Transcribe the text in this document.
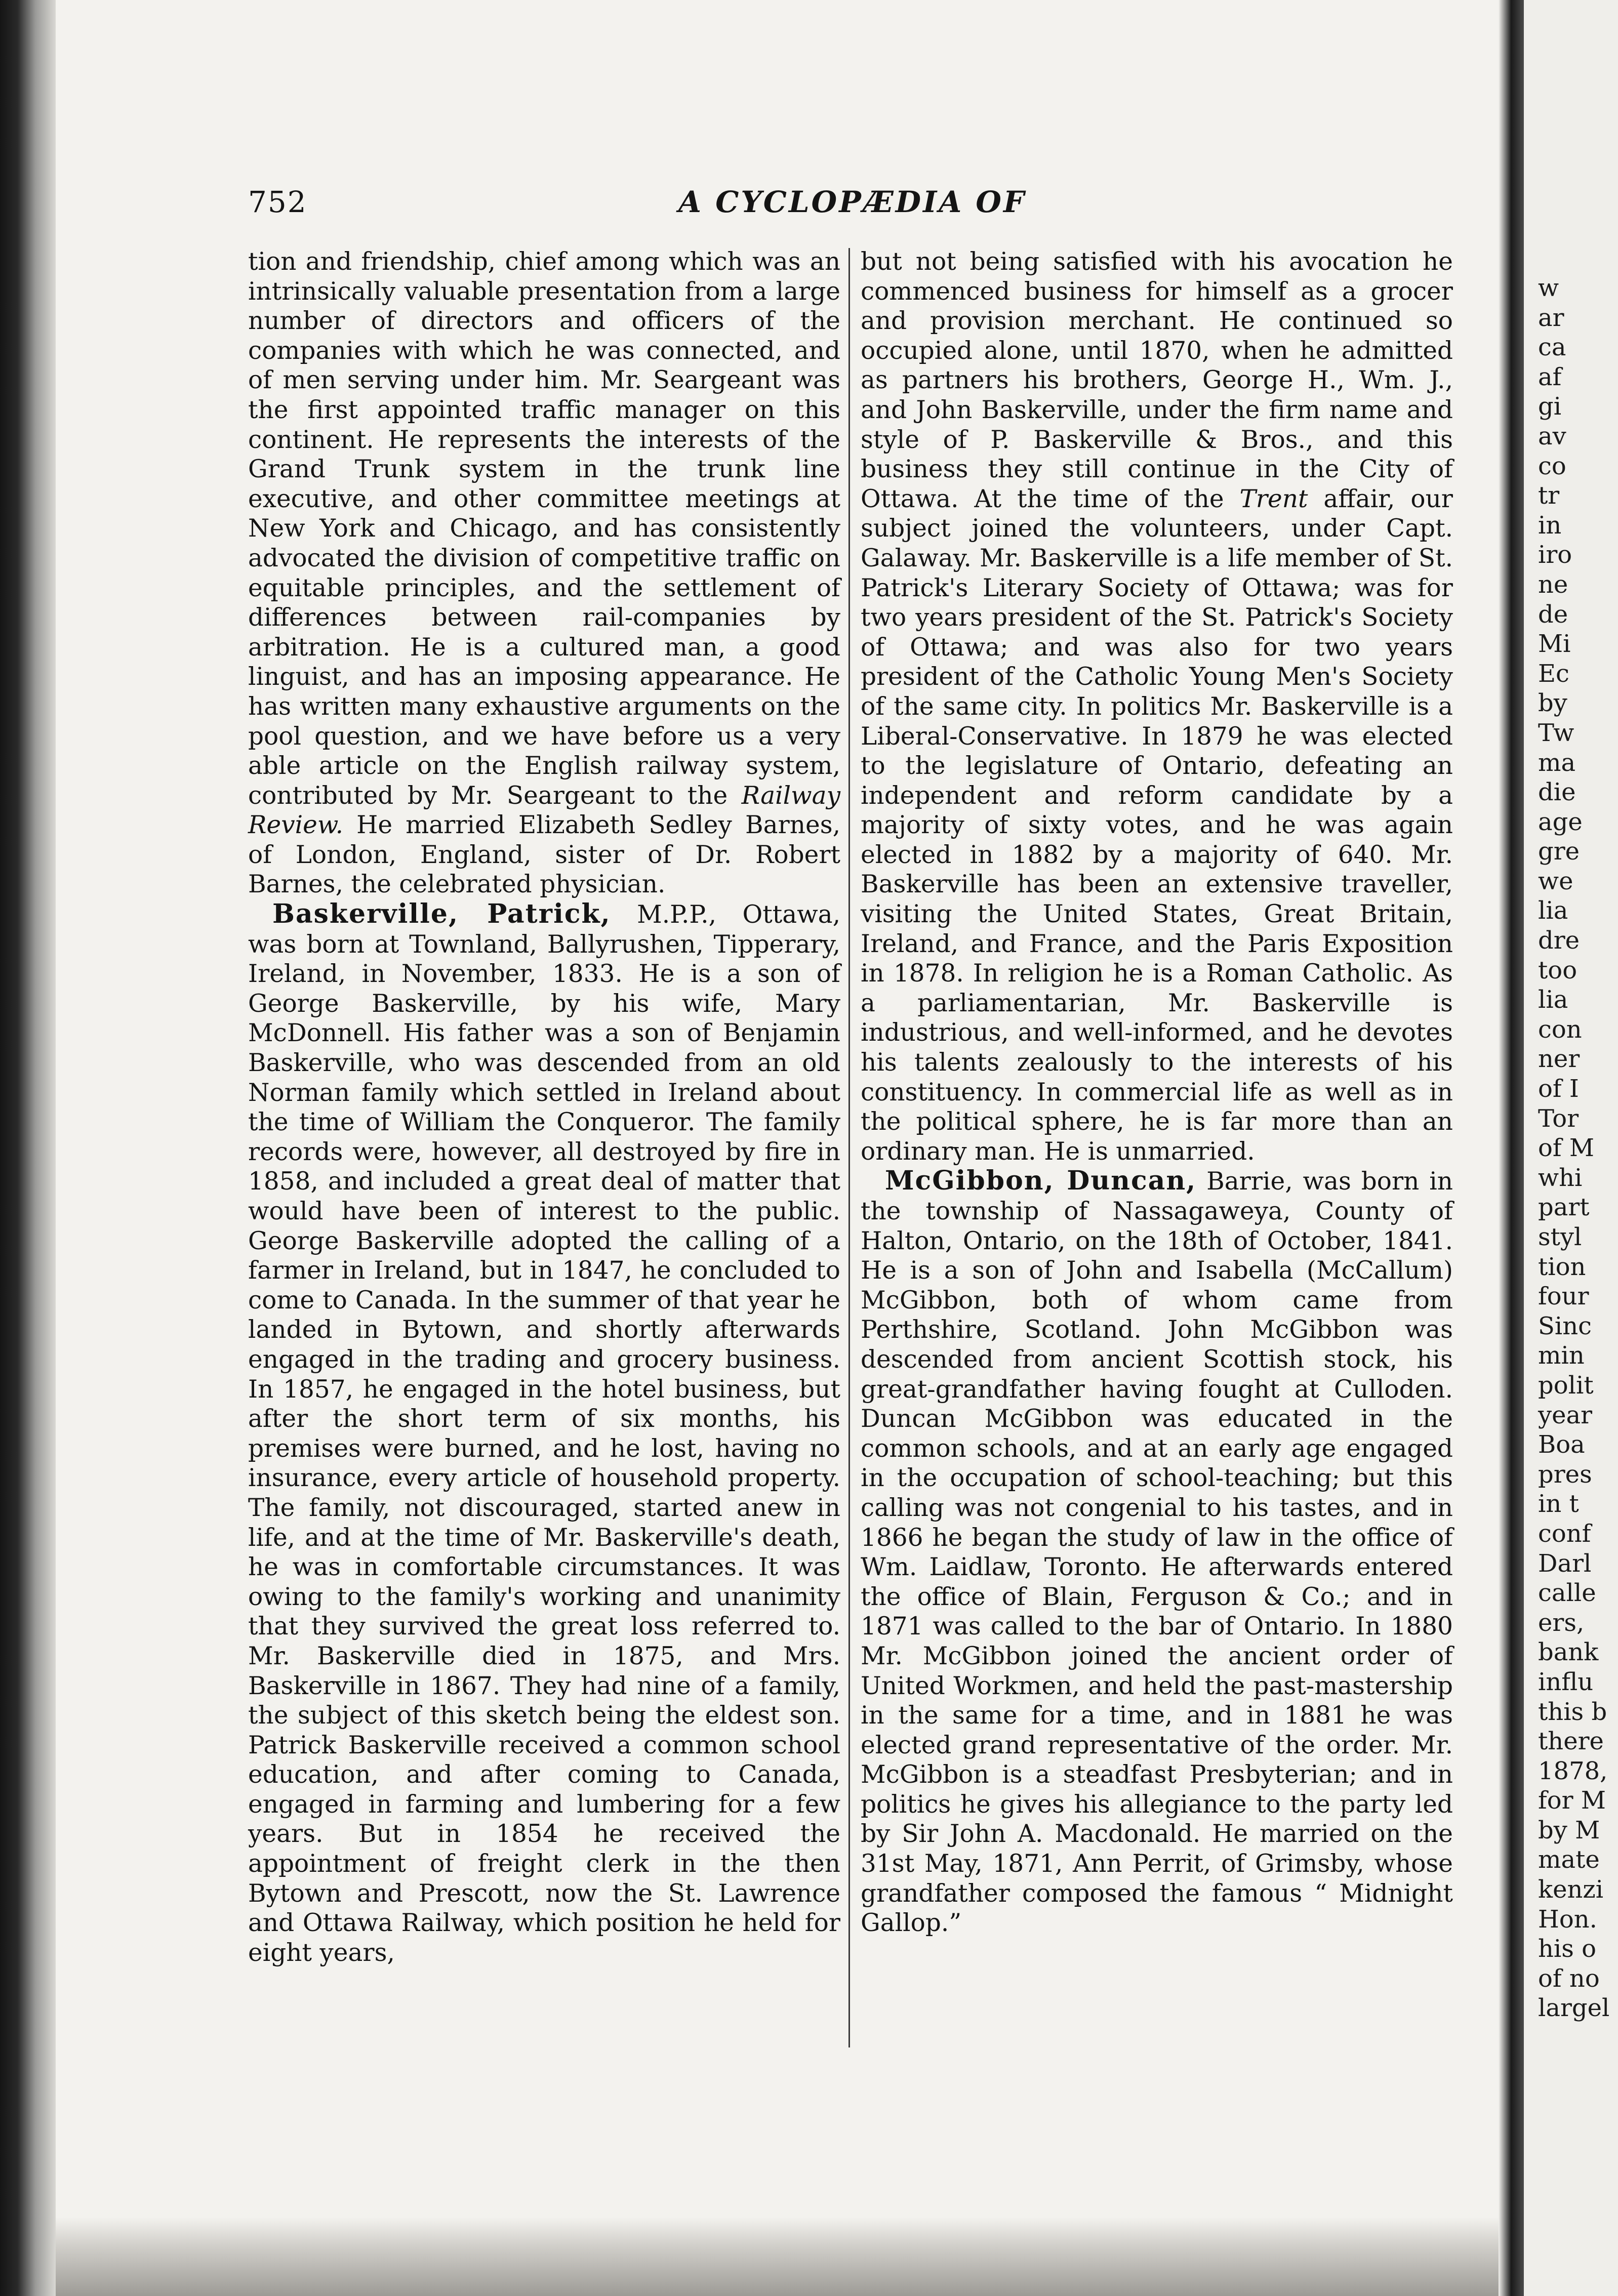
w
ar
ca
af
gi
av
co
tr
in
iro
ne
de
Mi
Ec
by
Tw
ma
die
age
gre
we
lia
dre
too
lia
con
ner
of I
Tor
of M
whi
part
styl
tion
four
Sinc
min
polit
year
Boa
pres
in t
conf
Darl
calle
ers,
bank
influ
this b
there
1878,
for M
by M
mate
kenzi
Hon.
his o
of no
largel
752	A CYCLOPÆDIA OF

tion and friendship, chief among which was an intrinsically valuable presentation from a large number of directors and officers of the companies with which he was connected, and of men serving under him. Mr. Seargeant was the first appointed traffic manager on this continent. He represents the interests of the Grand Trunk system in the trunk line executive, and other committee meetings at New York and Chicago, and has consistently advocated the division of competitive traffic on equitable principles, and the settlement of differences between rail-companies by arbitration. He is a cultured man, a good linguist, and has an imposing appearance. He has written many exhaustive arguments on the pool question, and we have before us a very able article on the English railway system, contributed by Mr. Seargeant to the Railway Review. He married Elizabeth Sedley Barnes, of London, England, sister of Dr. Robert Barnes, the celebrated physician.

Baskerville, Patrick, M.P.P., Ottawa, was born at Townland, Ballyrushen, Tipperary, Ireland, in November, 1833. He is a son of George Baskerville, by his wife, Mary McDonnell. His father was a son of Benjamin Baskerville, who was descended from an old Norman family which settled in Ireland about the time of William the Conqueror. The family records were, however, all destroyed by fire in 1858, and included a great deal of matter that would have been of interest to the public. George Baskerville adopted the calling of a farmer in Ireland, but in 1847, he concluded to come to Canada. In the summer of that year he landed in Bytown, and shortly afterwards engaged in the trading and grocery business. In 1857, he engaged in the hotel business, but after the short term of six months, his premises were burned, and he lost, having no insurance, every article of household property. The family, not discouraged, started anew in life, and at the time of Mr. Baskerville's death, he was in comfortable circumstances. It was owing to the family's working and unanimity that they survived the great loss referred to. Mr. Baskerville died in 1875, and Mrs. Baskerville in 1867. They had nine of a family, the subject of this sketch being the eldest son. Patrick Baskerville received a common school education, and after coming to Canada, engaged in farming and lumbering for a few years. But in 1854 he received the appointment of freight clerk in the then Bytown and Prescott, now the St. Lawrence and Ottawa Railway, which position he held for eight years,

but not being satisfied with his avocation he commenced business for himself as a grocer and provision merchant. He continued so occupied alone, until 1870, when he admitted as partners his brothers, George H., Wm. J., and John Baskerville, under the firm name and style of P. Baskerville & Bros., and this business they still continue in the City of Ottawa. At the time of the Trent affair, our subject joined the volunteers, under Capt. Galaway. Mr. Baskerville is a life member of St. Patrick's Literary Society of Ottawa; was for two years president of the St. Patrick's Society of Ottawa; and was also for two years president of the Catholic Young Men's Society of the same city. In politics Mr. Baskerville is a Liberal-Conservative. In 1879 he was elected to the legislature of Ontario, defeating an independent and reform candidate by a majority of sixty votes, and he was again elected in 1882 by a majority of 640. Mr. Baskerville has been an extensive traveller, visiting the United States, Great Britain, Ireland, and France, and the Paris Exposition in 1878. In religion he is a Roman Catholic. As a parliamentarian, Mr. Baskerville is industrious, and well-informed, and he devotes his talents zealously to the interests of his constituency. In commercial life as well as in the political sphere, he is far more than an ordinary man. He is unmarried.

McGibbon, Duncan, Barrie, was born in the township of Nassagaweya, County of Halton, Ontario, on the 18th of October, 1841. He is a son of John and Isabella (McCallum) McGibbon, both of whom came from Perthshire, Scotland. John McGibbon was descended from ancient Scottish stock, his great-grandfather having fought at Culloden. Duncan McGibbon was educated in the common schools, and at an early age engaged in the occupation of school-teaching; but this calling was not congenial to his tastes, and in 1866 he began the study of law in the office of Wm. Laidlaw, Toronto. He afterwards entered the office of Blain, Ferguson & Co.; and in 1871 was called to the bar of Ontario. In 1880 Mr. McGibbon joined the ancient order of United Workmen, and held the past-mastership in the same for a time, and in 1881 he was elected grand representative of the order. Mr. McGibbon is a steadfast Presbyterian; and in politics he gives his allegiance to the party led by Sir John A. Macdonald. He married on the 31st May, 1871, Ann Perrit, of Grimsby, whose grandfather composed the famous “ Midnight Gallop.”
